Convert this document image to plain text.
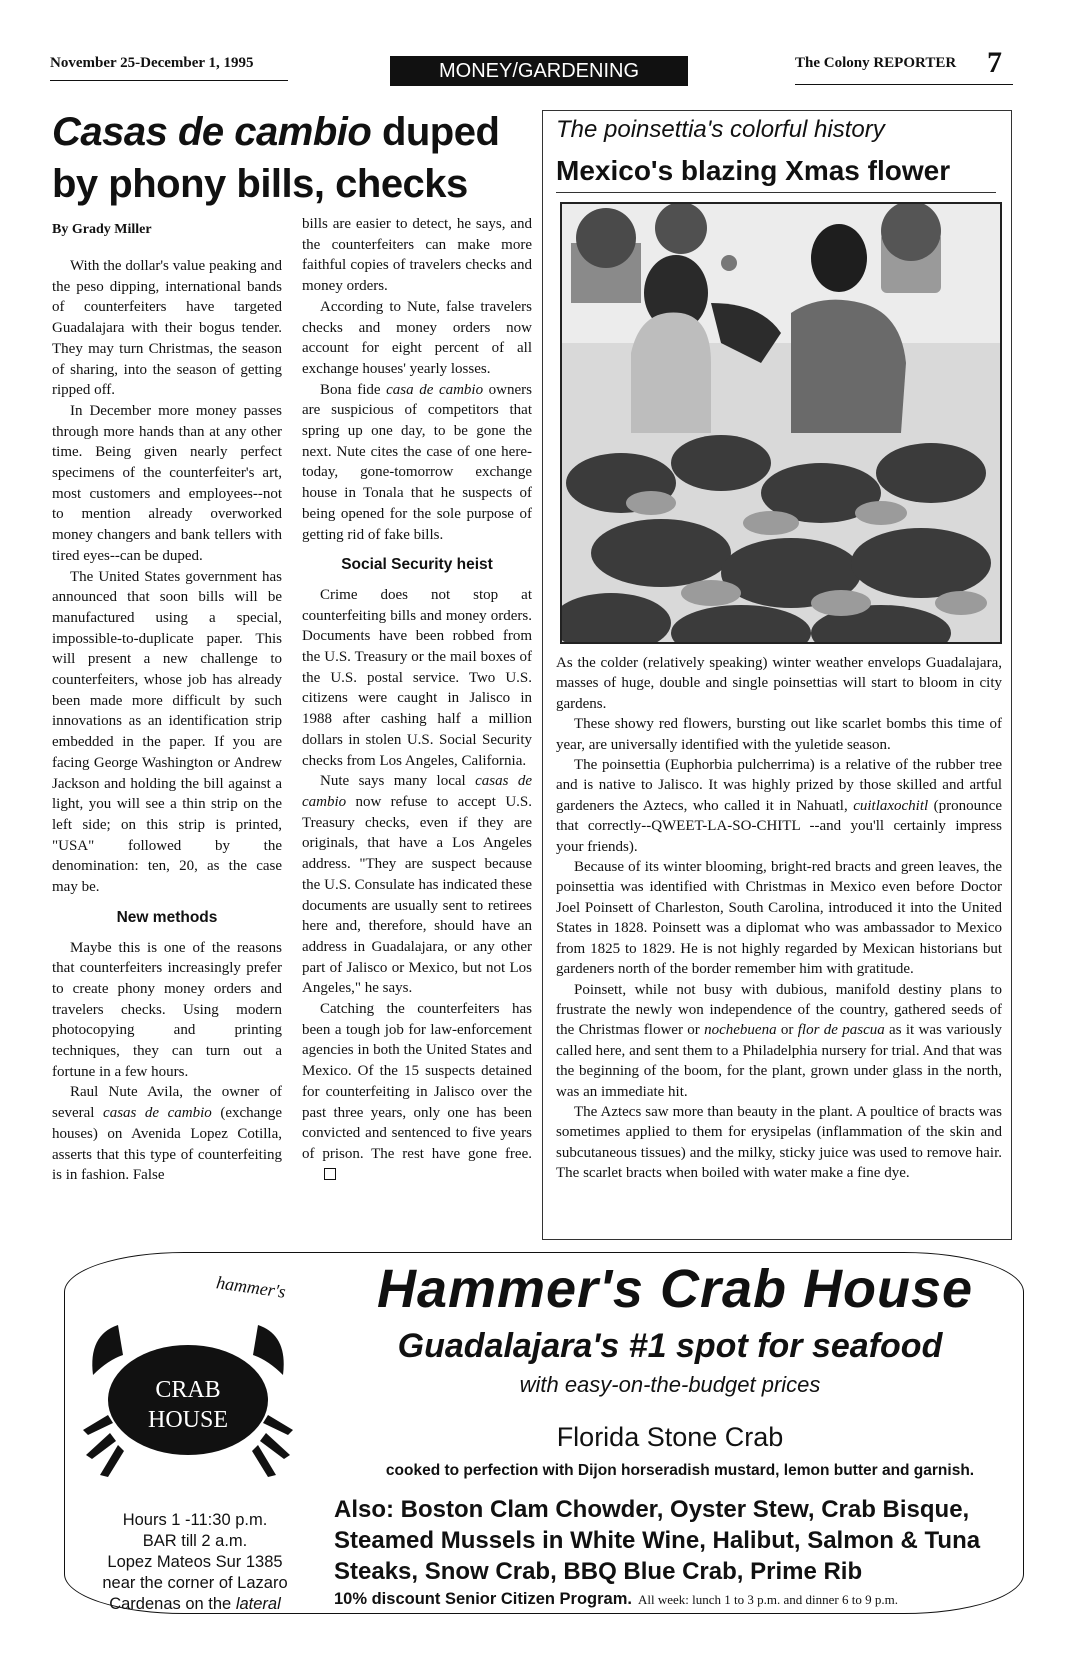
November 25-December 1, 1995	MONEY/GARDENING	The Colony REPORTER 7
Casas de cambio duped
by phony bills, checks
By Grady Miller

With the dollar's value peaking and the peso dipping, international bands of counterfeiters have targeted Guadalajara with their bogus tender. They may turn Christmas, the season of sharing, into the season of getting ripped off.

In December more money passes through more hands than at any other time. Being given nearly perfect specimens of the counterfeiter's art, most customers and employees--not to mention already overworked money changers and bank tellers with tired eyes--can be duped.

The United States government has announced that soon bills will be manufactured using a special, impossible-to-duplicate paper. This will present a new challenge to counterfeiters, whose job has already been made more difficult by such innovations as an identification strip embedded in the paper. If you are facing George Washington or Andrew Jackson and holding the bill against a light, you will see a thin strip on the left side; on this strip is printed, "USA" followed by the denomination: ten, 20, as the case may be.

New methods

Maybe this is one of the reasons that counterfeiters increasingly prefer to create phony money orders and travelers checks. Using modern photocopying and printing techniques, they can turn out a fortune in a few hours.

Raul Nute Avila, the owner of several casas de cambio (exchange houses) on Avenida Lopez Cotilla, asserts that this type of counterfeiting is in fashion. False

bills are easier to detect, he says, and the counterfeiters can make more faithful copies of travelers checks and money orders.

According to Nute, false travelers checks and money orders now account for eight percent of all exchange houses' yearly losses.

Bona fide casa de cambio owners are suspicious of competitors that spring up one day, to be gone the next. Nute cites the case of one here-today, gone-tomorrow exchange house in Tonala that he suspects of being opened for the sole purpose of getting rid of fake bills.

Social Security heist

Crime does not stop at counterfeiting bills and money orders. Documents have been robbed from the U.S. Treasury or the mail boxes of the U.S. postal service. Two U.S. citizens were caught in Jalisco in 1988 after cashing half a million dollars in stolen U.S. Social Security checks from Los Angeles, California.

Nute says many local casas de cambio now refuse to accept U.S. Treasury checks, even if they are originals, that have a Los Angeles address. "They are suspect because the U.S. Consulate has indicated these documents are usually sent to retirees here and, therefore, should have an address in Guadalajara, or any other part of Jalisco or Mexico, but not Los Angeles," he says.

Catching the counterfeiters has been a tough job for law-enforcement agencies in both the United States and Mexico. Of the 15 suspects detained for counterfeiting in Jalisco over the past three years, only one has been convicted and sentenced to five years of prison. The rest have gone free.

The poinsettia's colorful history
Mexico's blazing Xmas flower

As the colder (relatively speaking) winter weather envelops Guadalajara, masses of huge, double and single poinsettias will start to bloom in city gardens.

These showy red flowers, bursting out like scarlet bombs this time of year, are universally identified with the yuletide season.

The poinsettia (Euphorbia pulcherrima) is a relative of the rubber tree and is native to Jalisco. It was highly prized by those skilled and artful gardeners the Aztecs, who called it in Nahuatl, cuitlaxochitl (pronounce that correctly--QWEET-LA-SO-CHITL --and you'll certainly impress your friends).

Because of its winter blooming, bright-red bracts and green leaves, the poinsettia was identified with Christmas in Mexico even before Doctor Joel Poinsett of Charleston, South Carolina, introduced it into the United States in 1828. Poinsett was a diplomat who was ambassador to Mexico from 1825 to 1829. He is not highly regarded by Mexican historians but gardeners north of the border remember him with gratitude.

Poinsett, while not busy with dubious, manifold destiny plans to frustrate the newly won independence of the country, gathered seeds of the Christmas flower or nochebuena or flor de pascua as it was variously called here, and sent them to a Philadelphia nursery for trial. And that was the beginning of the boom, for the plant, grown under glass in the north, was an immediate hit.

The Aztecs saw more than beauty in the plant. A poultice of bracts was sometimes applied to them for erysipelas (inflammation of the skin and subcutaneous tissues) and the milky, sticky juice was used to remove hair. The scarlet bracts when boiled with water make a fine dye.

hammer's
CRAB
HOUSE
Hours 1 -11:30 p.m.
BAR till 2 a.m.
Lopez Mateos Sur 1385
near the corner of Lazaro
Cardenas on the lateral
Hammer's Crab House
Guadalajara's #1 spot for seafood
with easy-on-the-budget prices
Florida Stone Crab
cooked to perfection with Dijon horseradish mustard, lemon butter and garnish.
Also: Boston Clam Chowder, Oyster Stew, Crab Bisque,
Steamed Mussels in White Wine, Halibut, Salmon & Tuna
Steaks, Snow Crab, BBQ Blue Crab, Prime Rib
10% discount Senior Citizen Program. All week: lunch 1 to 3 p.m. and dinner 6 to 9 p.m.
